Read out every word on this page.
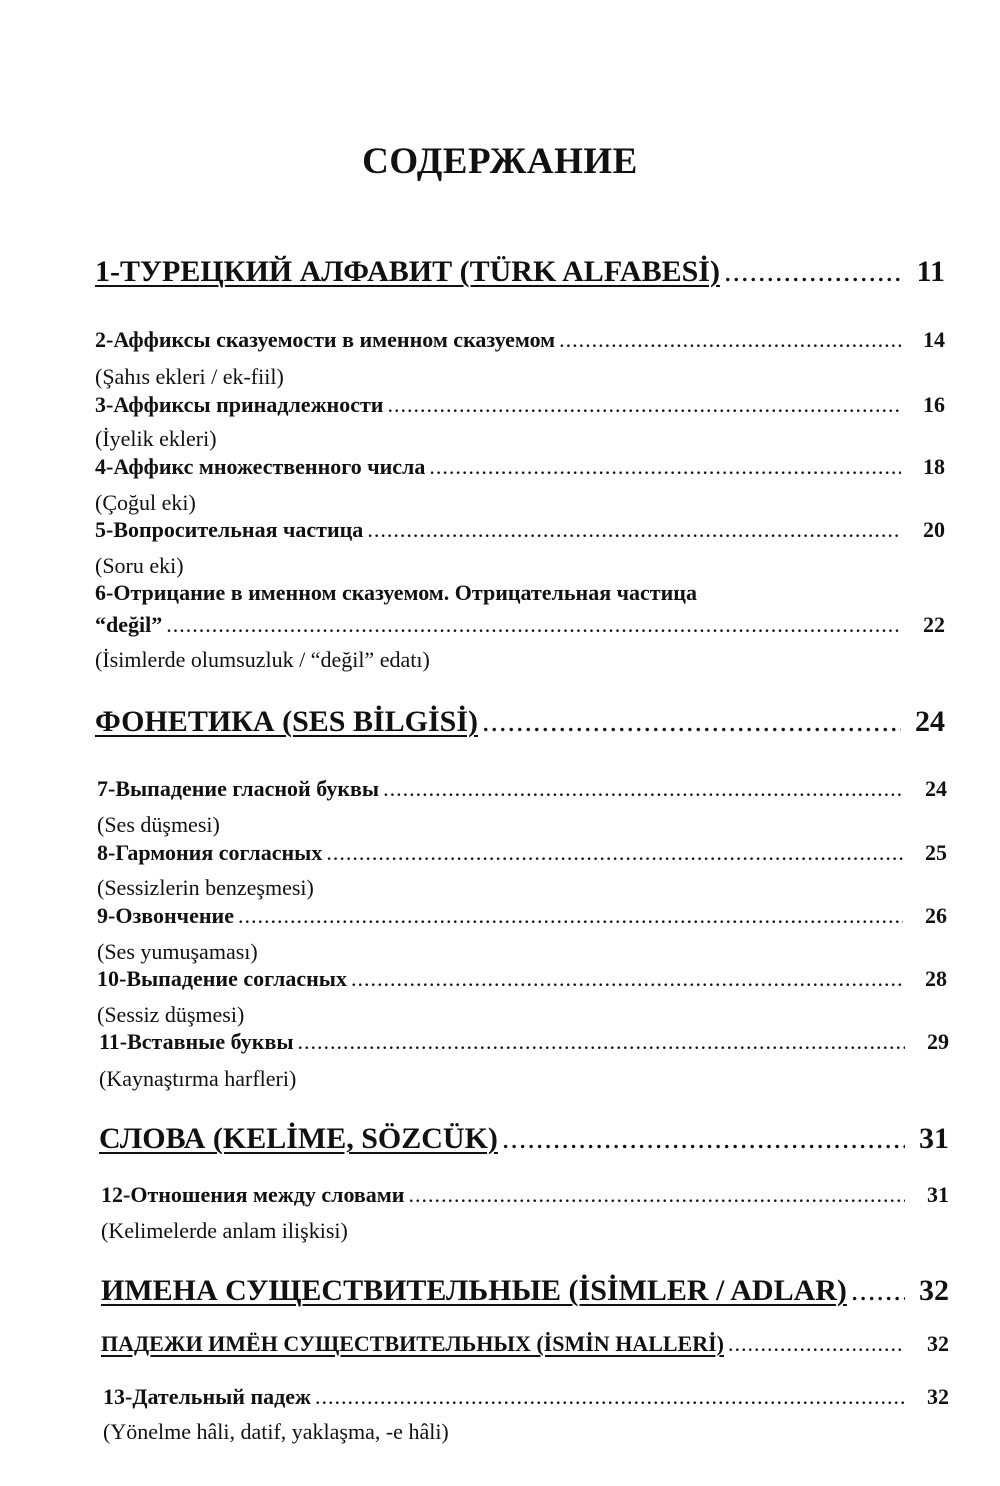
СОДЕРЖАНИЕ
1-ТУРЕЦКИЙ АЛФАВИТ (TÜRK ALFABESİ) .....	11
2-Аффиксы сказуемости в именном сказуемом .....	14
(Şahıs ekleri / ek-fiil)
3-Аффиксы принадлежности .....	16
(İyelik ekleri)
4-Аффикс множественного числа .....	18
(Çoğul eki)
5-Вопросительная частица .....	20
(Soru eki)
6-Отрицание в именном сказуемом. Отрицательная частица
“değil” .....	22
(İsimlerde olumsuzluk / “değil” edatı)
ФОНЕТИКА (SES BİLGİSİ) .....	24
7-Выпадение гласной буквы .....	24
(Ses düşmesi)
8-Гармония согласных .....	25
(Sessizlerin benzeşmesi)
9-Озвончение .....	26
(Ses yumuşaması)
10-Выпадение согласных .....	28
(Sessiz düşmesi)
11-Вставные буквы .....	29
(Kaynaştırma harfleri)
СЛОВА (KELİME, SÖZCÜK) .....	31
12-Отношения между словами .....	31
(Kelimelerde anlam ilişkisi)
ИМЕНА СУЩЕСТВИТЕЛЬНЫЕ (İSİMLER / ADLAR) .....	32
ПАДЕЖИ ИМЁН СУЩЕСТВИТЕЛЬНЫХ (İSMİN HALLERİ) .....	32
13-Дательный падеж .....	32
(Yönelme hâli, datif, yaklaşma, -e hâli)
